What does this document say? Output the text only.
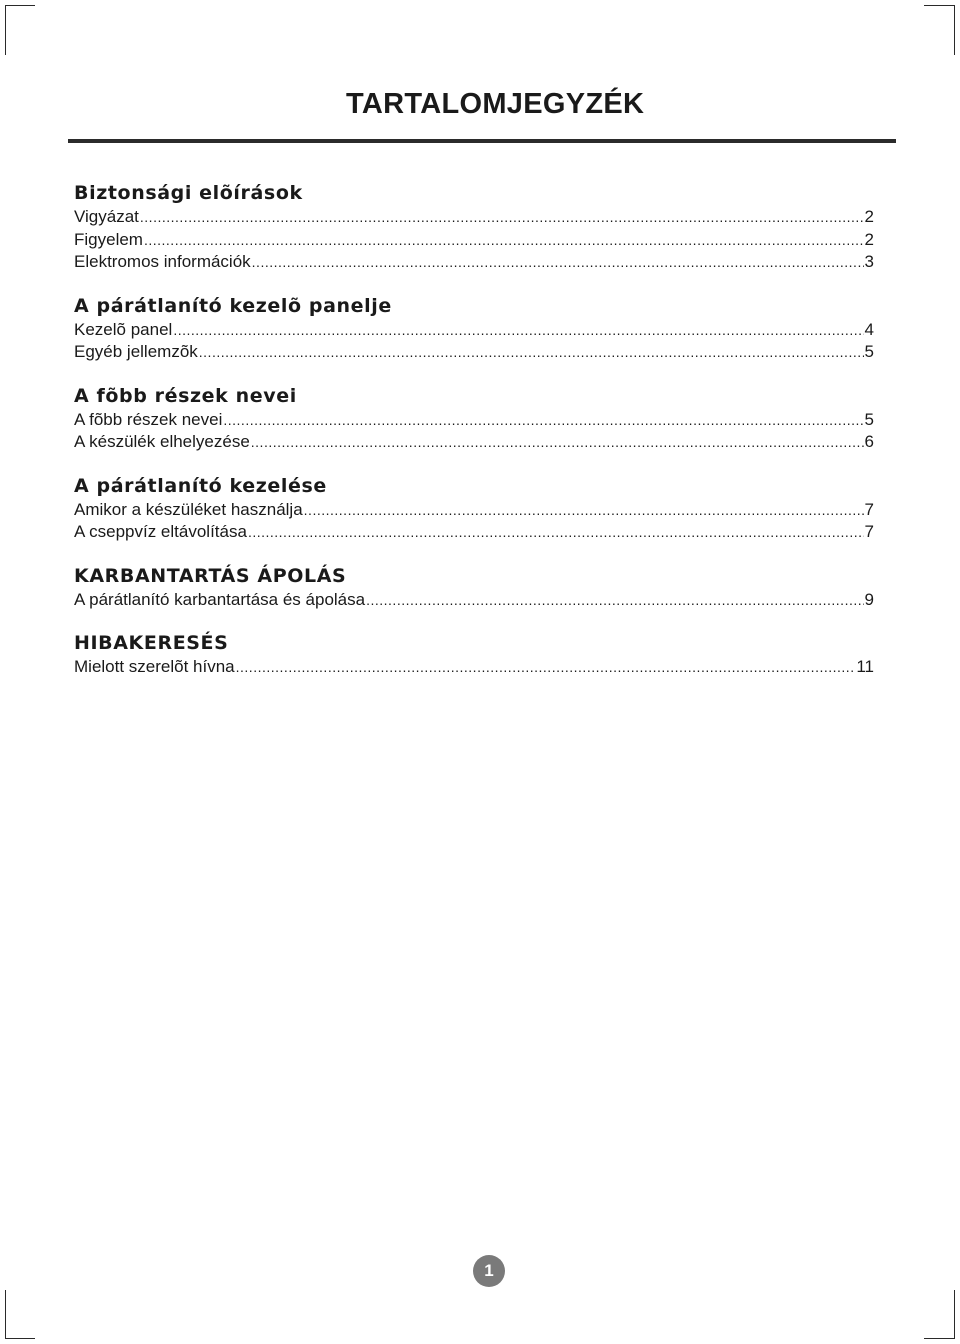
TARTALOMJEGYZÉK
Biztonsági elõírások
Vigyázat .....	2
Figyelem .....	2
Elektromos információk .....	3
A párátlanító kezelõ panelje
Kezelõ panel .....	4
Egyéb jellemzõk .....	5
A fõbb részek nevei
A fõbb részek nevei .....	5
A készülék elhelyezése .....	6
A párátlanító kezelése
Amikor a készüléket használja .....	7
A cseppvíz eltávolítása .....	7
KARBANTARTÁS ÁPOLÁS
A párátlanító karbantartása és ápolása .....	9
HIBAKERESÉS
Mielott szerelõt hívna .....	11
1
